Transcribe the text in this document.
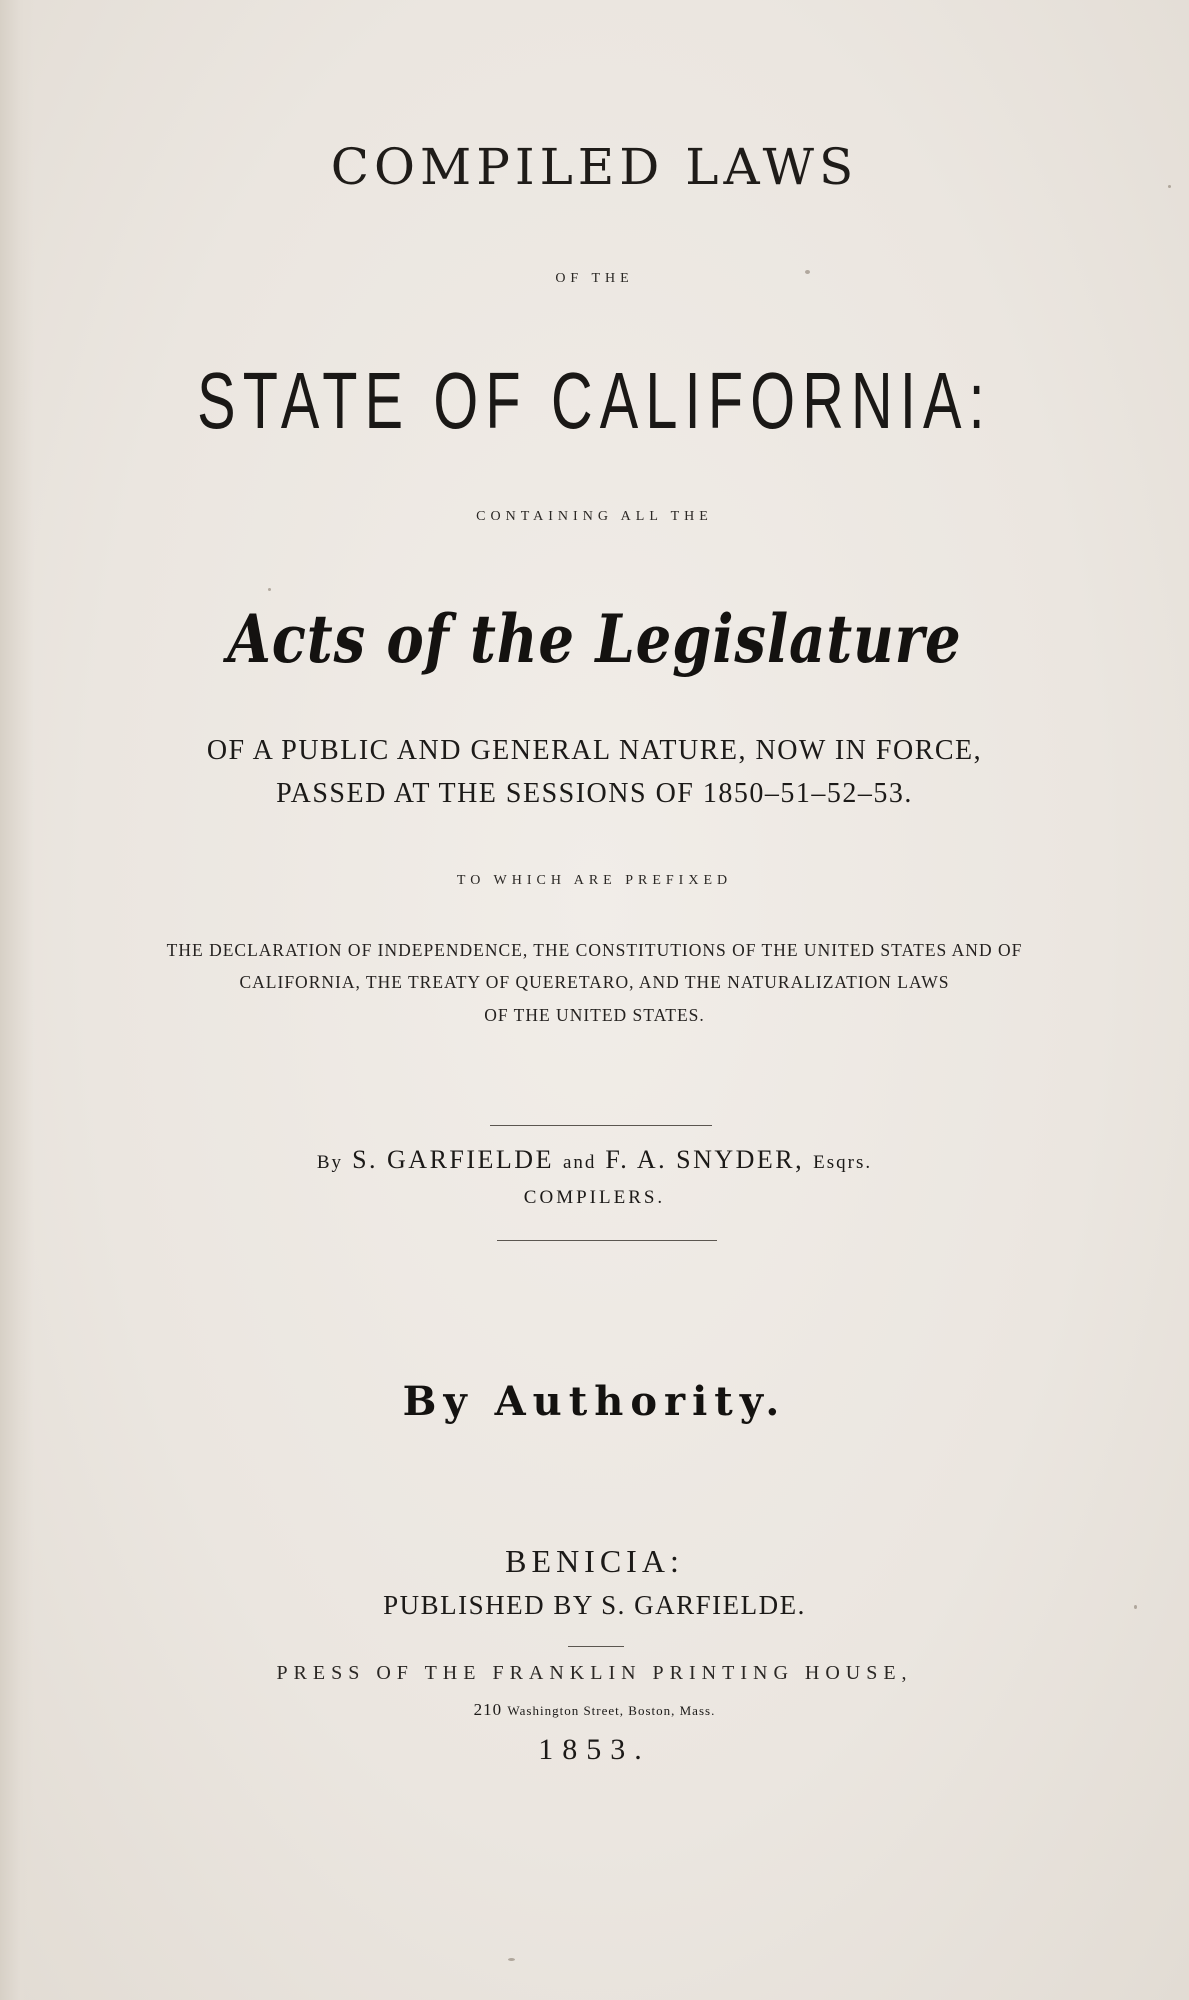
COMPILED LAWS
OF THE
STATE OF CALIFORNIA:
CONTAINING ALL THE
Acts of the Legislature
OF A PUBLIC AND GENERAL NATURE, NOW IN FORCE,
PASSED AT THE SESSIONS OF 1850–51–52–53.
TO WHICH ARE PREFIXED
THE DECLARATION OF INDEPENDENCE, THE CONSTITUTIONS OF THE UNITED STATES AND OF
CALIFORNIA, THE TREATY OF QUERETARO, AND THE NATURALIZATION LAWS
OF THE UNITED STATES.
By S. GARFIELDE and F. A. SNYDER, Esqrs.
COMPILERS.
By Authority.
BENICIA:
PUBLISHED BY S. GARFIELDE.
PRESS OF THE FRANKLIN PRINTING HOUSE,
210 Washington Street, Boston, Mass.
1853.
